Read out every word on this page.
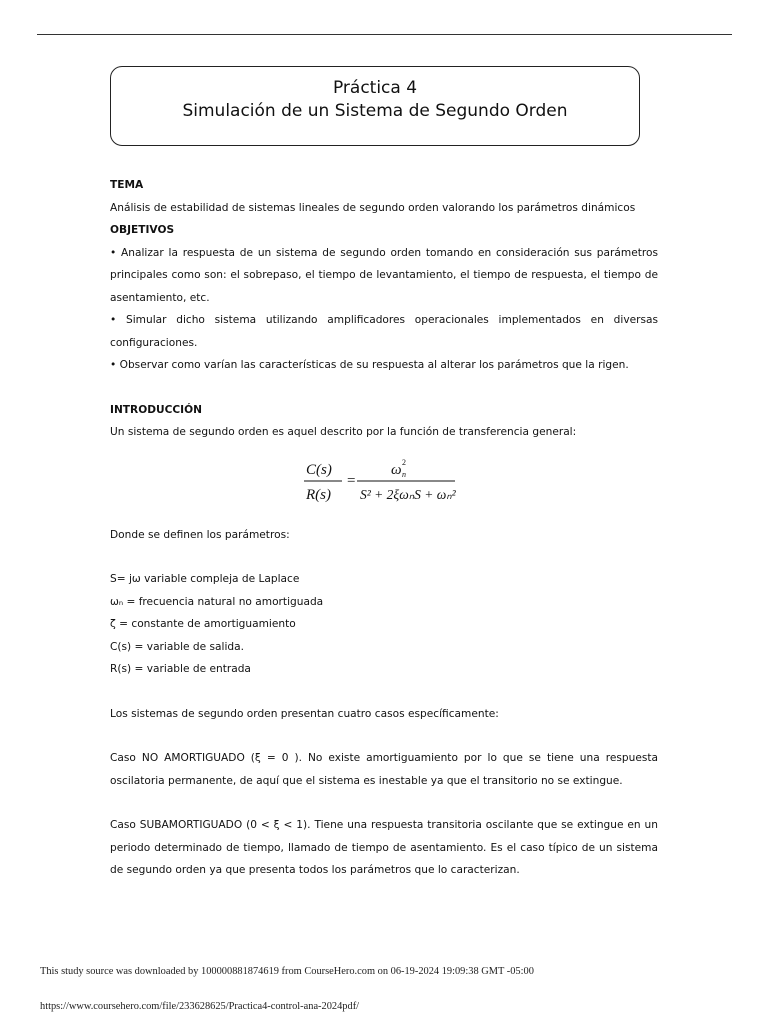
Práctica 4
Simulación de un Sistema de Segundo Orden
TEMA
Análisis de estabilidad de sistemas lineales de segundo orden valorando los parámetros dinámicos
OBJETIVOS
• Analizar la respuesta de un sistema de segundo orden tomando en consideración sus parámetros principales como son: el sobrepaso, el tiempo de levantamiento, el tiempo de respuesta, el tiempo de asentamiento, etc.
• Simular dicho sistema utilizando amplificadores operacionales implementados en diversas configuraciones.
• Observar como varían las características de su respuesta al alterar los parámetros que la rigen.
INTRODUCCIÓN
Un sistema de segundo orden es aquel descrito por la función de transferencia general:
C(s)
R(s)
=
ω n
2
S² + 2ξωₙS + ωₙ²
Donde se definen los parámetros:
S= jω variable compleja de Laplace
ωₙ = frecuencia natural no amortiguada
ζ = constante de amortiguamiento
C(s) = variable de salida.
R(s) = variable de entrada
Los sistemas de segundo orden presentan cuatro casos específicamente:
Caso NO AMORTIGUADO (ξ = 0 ). No existe amortiguamiento por lo que se tiene una respuesta oscilatoria permanente, de aquí que el sistema es inestable ya que el transitorio no se extingue.
Caso SUBAMORTIGUADO (0 < ξ < 1). Tiene una respuesta transitoria oscilante que se extingue en un periodo determinado de tiempo, llamado de tiempo de asentamiento. Es el caso típico de un sistema de segundo orden ya que presenta todos los parámetros que lo caracterizan.
This study source was downloaded by 100000881874619 from CourseHero.com on 06-19-2024 19:09:38 GMT -05:00
https://www.coursehero.com/file/233628625/Practica4-control-ana-2024pdf/
